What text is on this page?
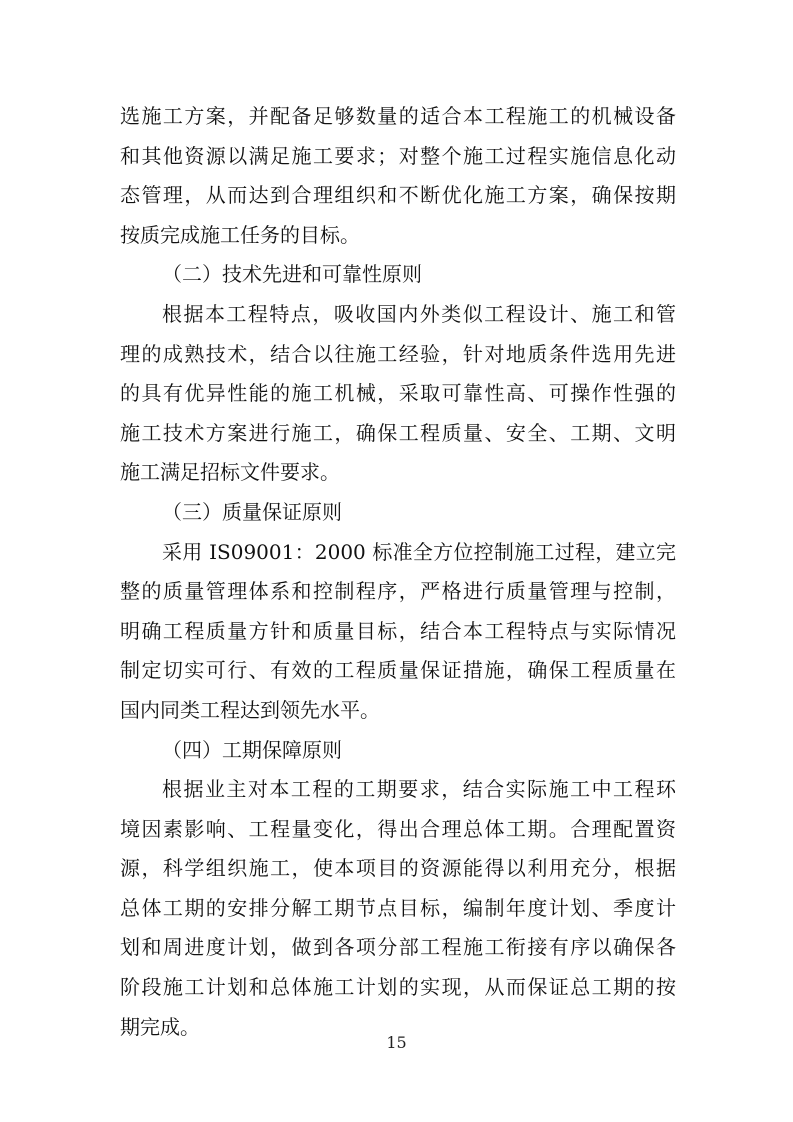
选施工方案，并配备足够数量的适合本工程施工的机械设备
和其他资源以满足施工要求；对整个施工过程实施信息化动
态管理，从而达到合理组织和不断优化施工方案，确保按期
按质完成施工任务的目标。
（二）技术先进和可靠性原则
根据本工程特点，吸收国内外类似工程设计、施工和管
理的成熟技术，结合以往施工经验，针对地质条件选用先进
的具有优异性能的施工机械，采取可靠性高、可操作性强的
施工技术方案进行施工，确保工程质量、安全、工期、文明
施工满足招标文件要求。
（三）质量保证原则
采用 IS09001：2000 标准全方位控制施工过程，建立完
整的质量管理体系和控制程序，严格进行质量管理与控制，
明确工程质量方针和质量目标，结合本工程特点与实际情况
制定切实可行、有效的工程质量保证措施，确保工程质量在
国内同类工程达到领先水平。
（四）工期保障原则
根据业主对本工程的工期要求，结合实际施工中工程环
境因素影响、工程量变化，得出合理总体工期。合理配置资
源，科学组织施工，使本项目的资源能得以利用充分，根据
总体工期的安排分解工期节点目标，编制年度计划、季度计
划和周进度计划，做到各项分部工程施工衔接有序以确保各
阶段施工计划和总体施工计划的实现，从而保证总工期的按
期完成。
15
